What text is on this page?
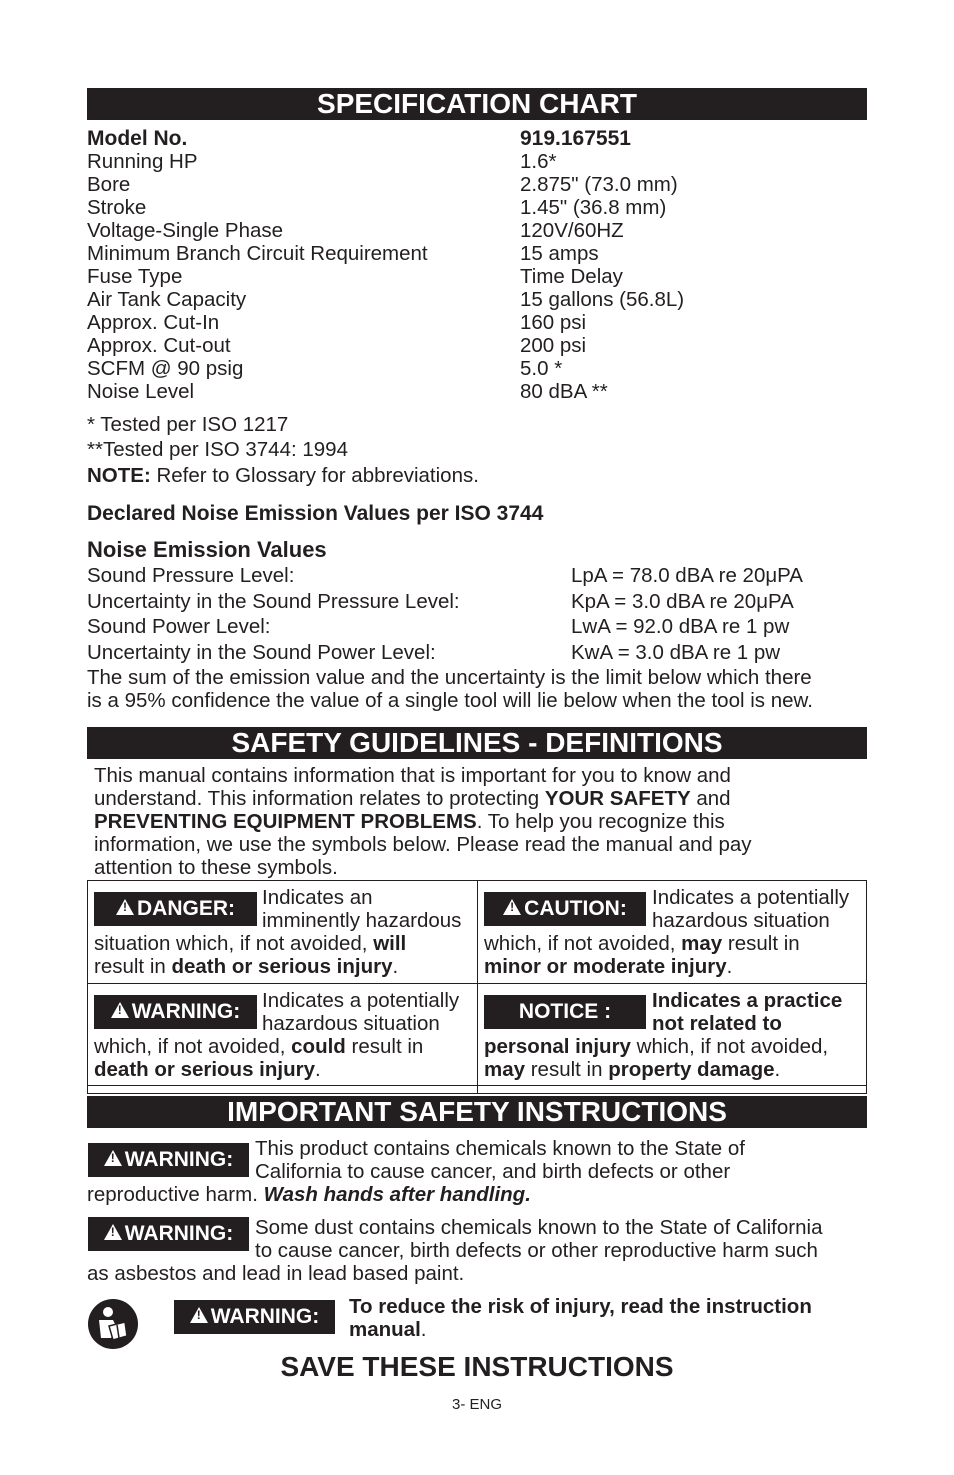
SPECIFICATION CHART
Model No.	919.167551
Running HP	1.6*
Bore	2.875" (73.0 mm)
Stroke	1.45" (36.8 mm)
Voltage-Single Phase	120V/60HZ
Minimum Branch Circuit Requirement	15 amps
Fuse Type	Time Delay
Air Tank Capacity	15 gallons (56.8L)
Approx. Cut-In	160 psi
Approx. Cut-out	200 psi
SCFM @ 90 psig	5.0 *
Noise Level	80 dBA **
* Tested per ISO 1217
**Tested per ISO 3744: 1994
NOTE: Refer to Glossary for abbreviations.
Declared Noise Emission Values per ISO 3744
Noise Emission Values
Sound Pressure Level:	LpA = 78.0 dBA re 20μPA
Uncertainty in the Sound Pressure Level:	KpA = 3.0 dBA re 20μPA
Sound Power Level:	LwA = 92.0 dBA re 1 pw
Uncertainty in the Sound Power Level:	KwA = 3.0 dBA re 1 pw
The sum of the emission value and the uncertainty is the limit below which there
is a 95% confidence the value of a single tool will lie below when the tool is new.
SAFETY GUIDELINES - DEFINITIONS
This manual contains information that is important for you to know and
understand. This information relates to protecting YOUR SAFETY and
PREVENTING EQUIPMENT PROBLEMS. To help you recognize this
information, we use the symbols below. Please read the manual and pay
attention to these symbols.
!DANGER:	Indicates an
imminently hazardous
situation which, if not avoided, will
result in death or serious injury.
!CAUTION:	Indicates a potentially
hazardous situation
which, if not avoided, may result in
minor or moderate injury.
!WARNING:	Indicates a potentially
hazardous situation
which, if not avoided, could result in
death or serious injury.
NOTICE :	Indicates a practice
not related to
personal injury which, if not avoided,
may result in property damage.
IMPORTANT SAFETY INSTRUCTIONS
!WARNING:	This product contains chemicals known to the State of
California to cause cancer, and birth defects or other
reproductive harm. Wash hands after handling.
!WARNING:	Some dust contains chemicals known to the State of California
to cause cancer, birth defects or other reproductive harm such
as asbestos and lead in lead based paint.
!WARNING:	To reduce the risk of injury, read the instruction
manual.
SAVE THESE INSTRUCTIONS
3- ENG
